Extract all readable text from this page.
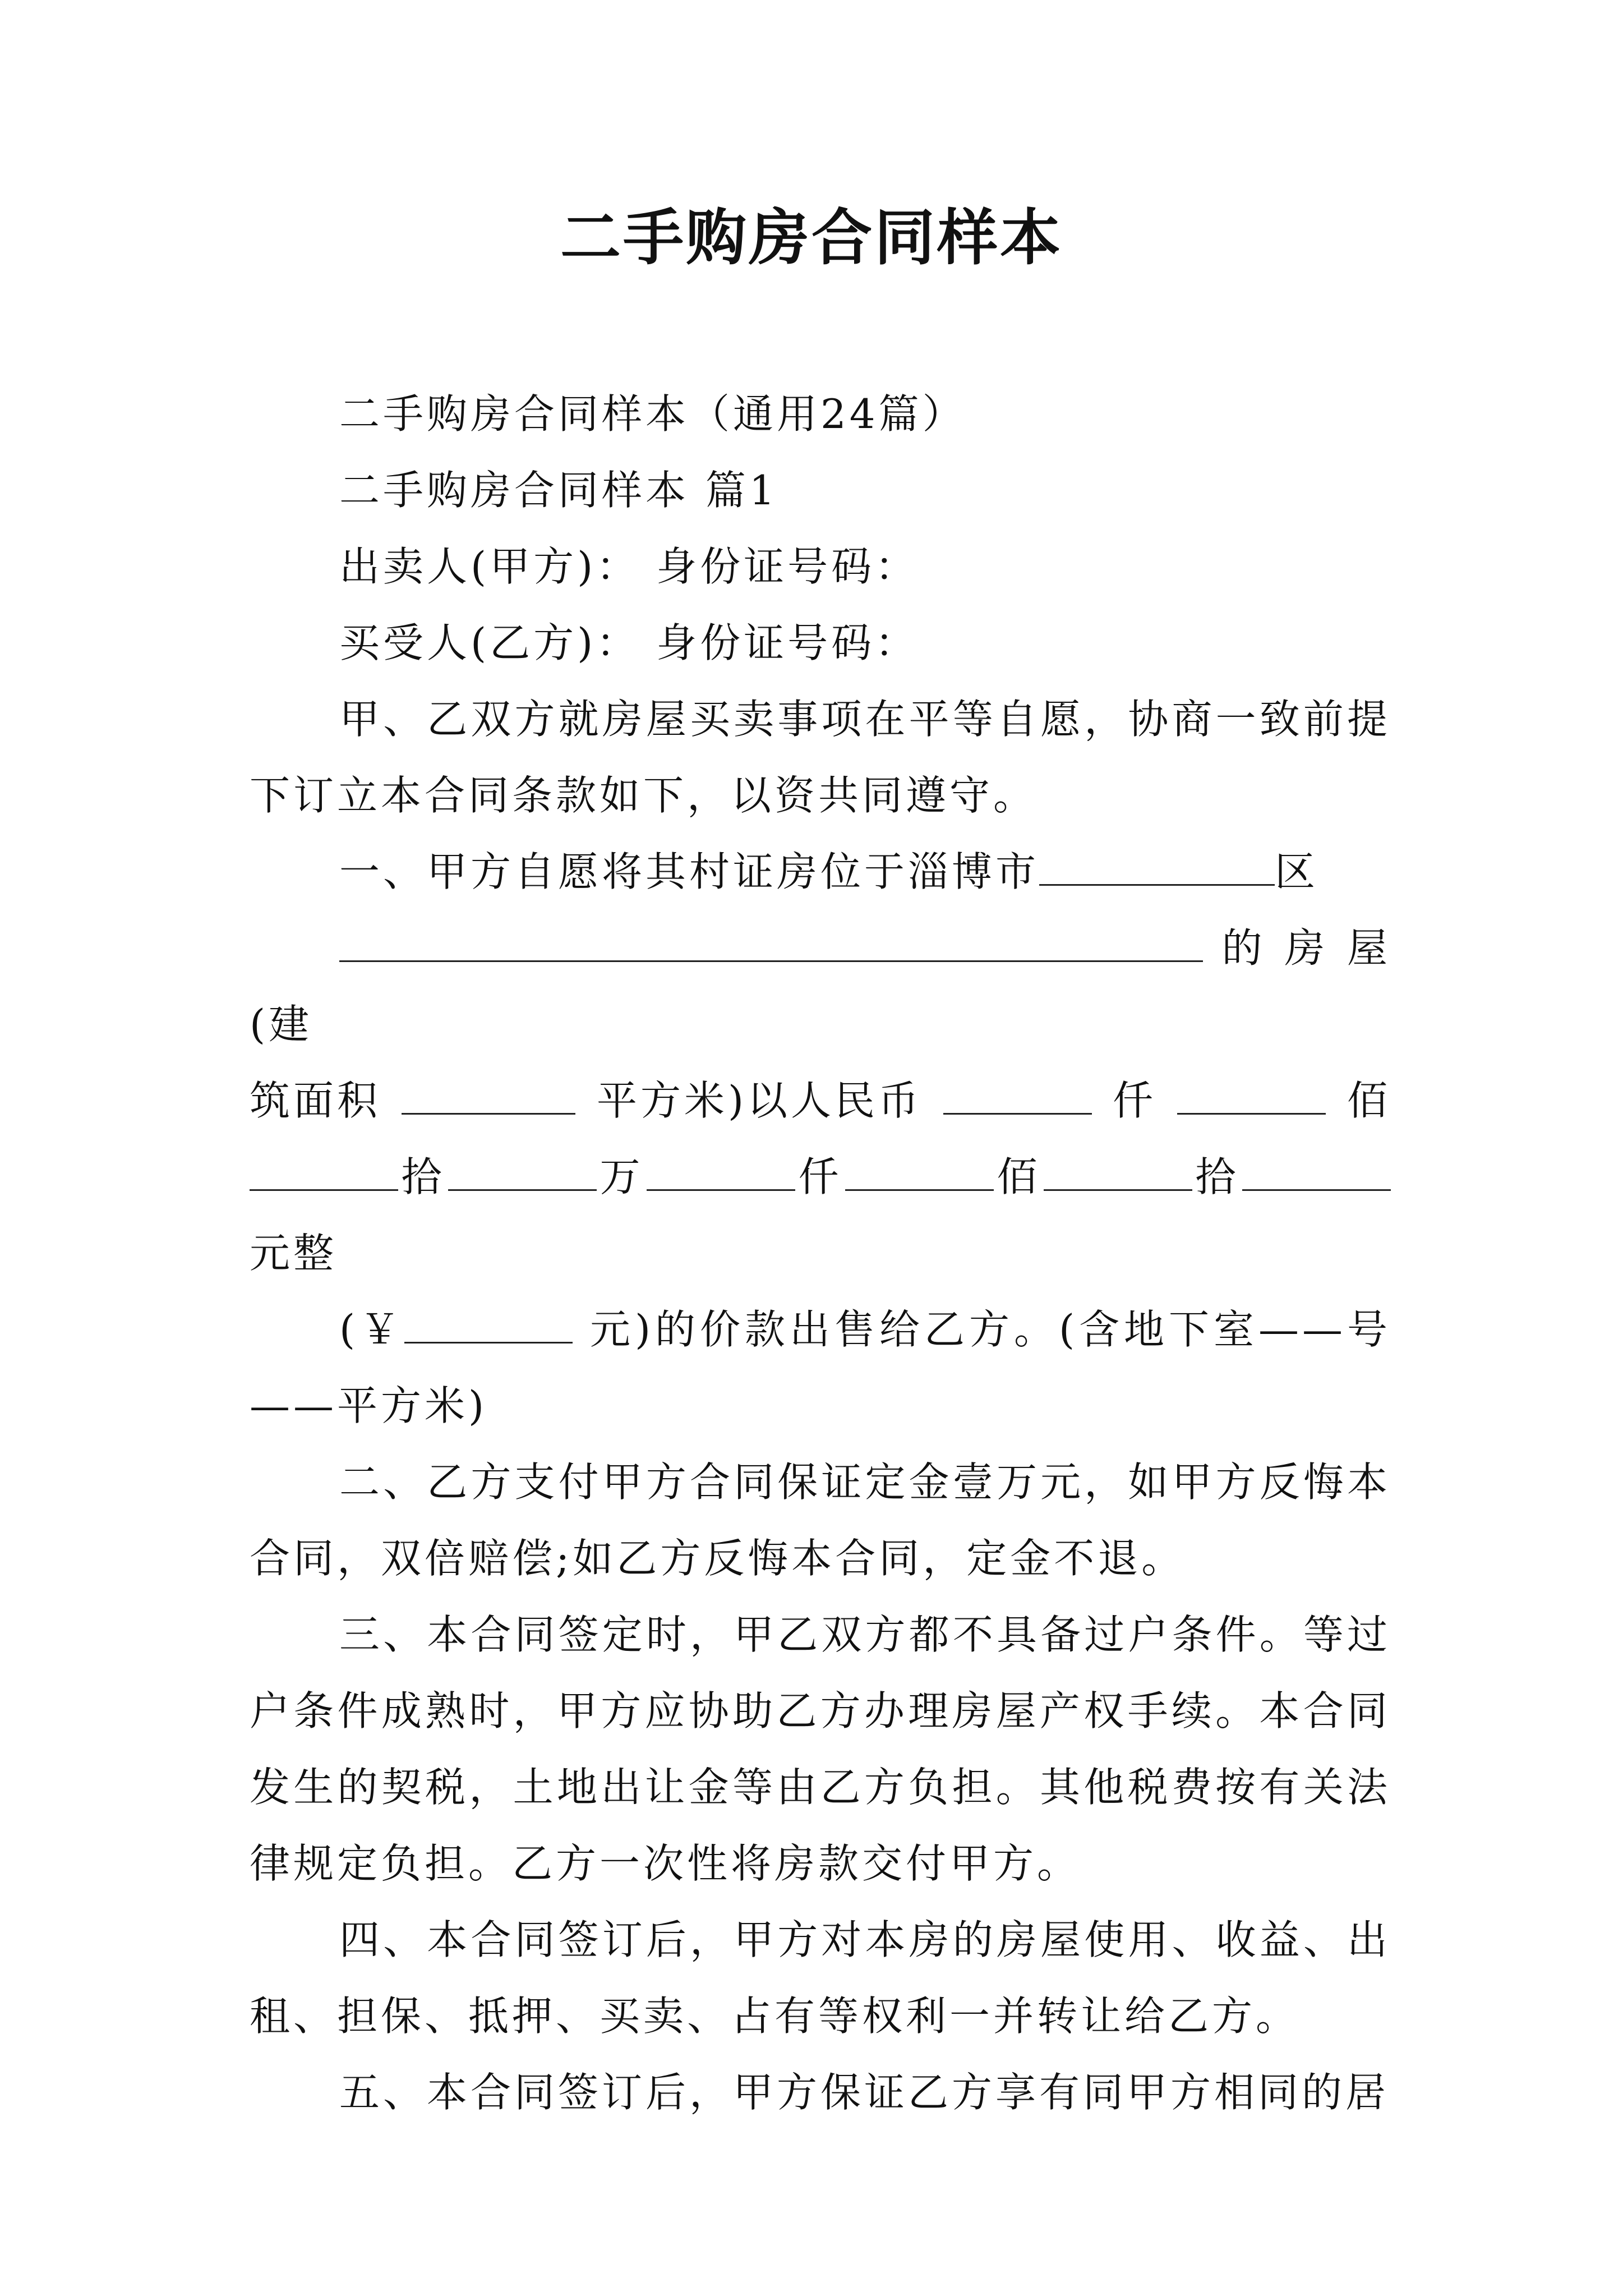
二手购房合同样本

二手购房合同样本（通用24篇）

二手购房合同样本 篇1

出卖人(甲方)： 身份证号码：

买受人(乙方)： 身份证号码：

甲、乙双方就房屋买卖事项在平等自愿，协商一致前提下订立本合同条款如下，以资共同遵守。

一、甲方自愿将其村证房位于淄博市	区

的房屋(建

筑面积	平方米)以人民币	仟	佰
拾	万	仟	佰	拾

元整

(￥	元)的价款出售给乙方。(含地下室——号——平方米)

二、乙方支付甲方合同保证定金壹万元，如甲方反悔本合同，双倍赔偿;如乙方反悔本合同，定金不退。

三、本合同签定时，甲乙双方都不具备过户条件。等过户条件成熟时，甲方应协助乙方办理房屋产权手续。本合同发生的契税，土地出让金等由乙方负担。其他税费按有关法律规定负担。乙方一次性将房款交付甲方。

四、本合同签订后，甲方对本房的房屋使用、收益、出租、担保、抵押、买卖、占有等权利一并转让给乙方。

五、本合同签订后，甲方保证乙方享有同甲方相同的居
